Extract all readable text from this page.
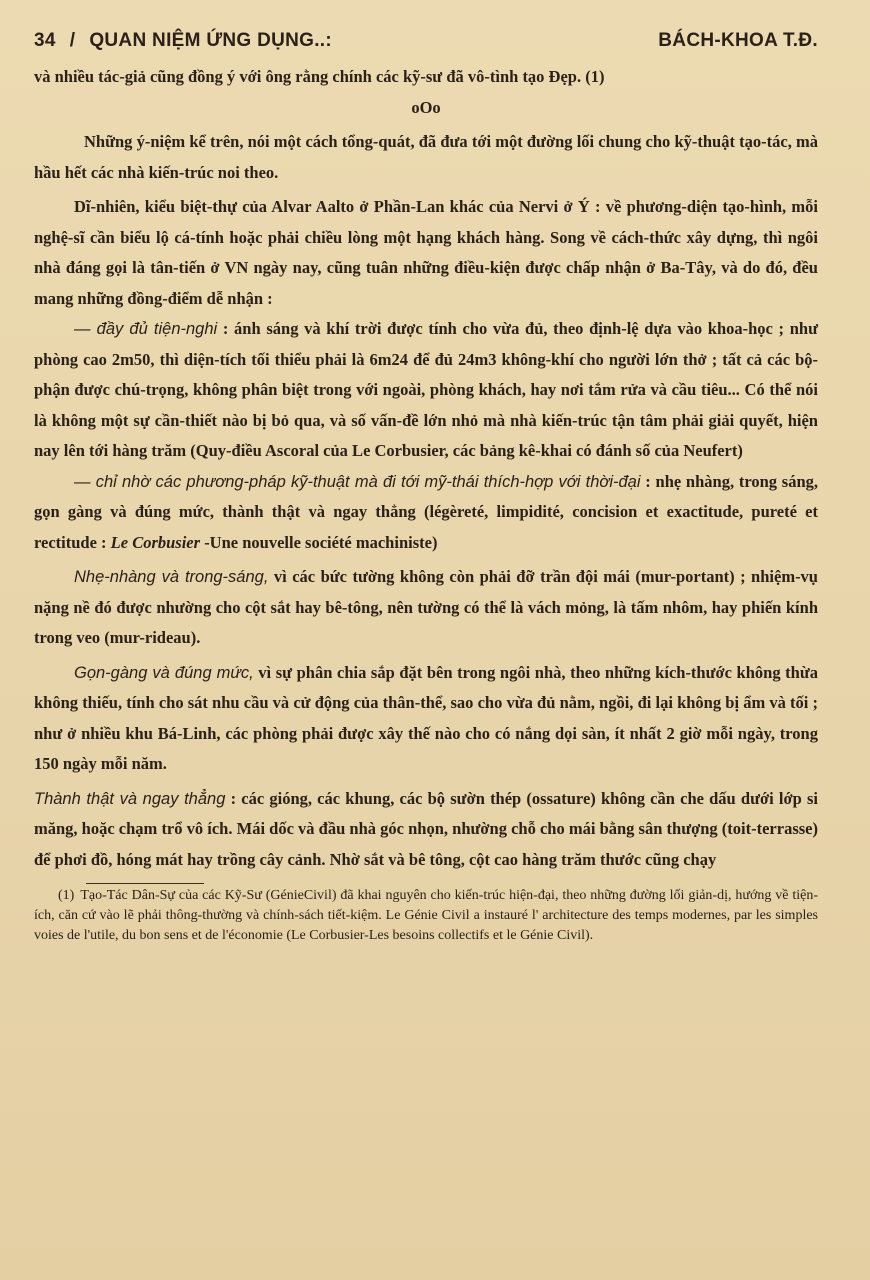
34 / QUAN NIỆM ỨNG DỤNG..:	BÁCH-KHOA T.Đ.

và nhiều tác-giả cũng đồng ý với ông rằng chính các kỹ-sư đã vô-tình tạo Đẹp. (1)

oOo

Những ý-niệm kể trên, nói một cách tổng-quát, đã đưa tới một đường lối chung cho kỹ-thuật tạo-tác, mà hầu hết các nhà kiến-trúc noi theo.

Dĩ-nhiên, kiểu biệt-thự của Alvar Aalto ở Phần-Lan khác của Nervi ở Ý : về phương-diện tạo-hình, mỗi nghệ-sĩ cần biểu lộ cá-tính hoặc phải chiều lòng một hạng khách hàng. Song về cách-thức xây dựng, thì ngôi nhà đáng gọi là tân-tiến ở VN ngày nay, cũng tuân những điều-kiện được chấp nhận ở Ba-Tây, và do đó, đều mang những đồng-điểm dễ nhận :

— đầy đủ tiện-nghi : ánh sáng và khí trời được tính cho vừa đủ, theo định-lệ dựa vào khoa-học ; như phòng cao 2m50, thì diện-tích tối thiểu phải là 6m24 để đủ 24m3 không-khí cho người lớn thở ; tất cả các bộ-phận được chú-trọng, không phân biệt trong với ngoài, phòng khách, hay nơi tắm rửa và cầu tiêu... Có thể nói là không một sự cần-thiết nào bị bỏ qua, và số vấn-đề lớn nhỏ mà nhà kiến-trúc tận tâm phải giải quyết, hiện nay lên tới hàng trăm (Quy-điều Ascoral của Le Corbusier, các bảng kê-khai có đánh số của Neufert)

— chỉ nhờ các phương-pháp kỹ-thuật mà đi tới mỹ-thái thích-hợp với thời-đại : nhẹ nhàng, trong sáng, gọn gàng và đúng mức, thành thật và ngay thẳng (légèreté, limpidité, concision et exactitude, pureté et rectitude : Le Corbusier -Une nouvelle société machiniste)

Nhẹ-nhàng và trong-sáng, vì các bức tường không còn phải đỡ trần đội mái (mur-portant) ; nhiệm-vụ nặng nề đó được nhường cho cột sắt hay bê-tông, nên tường có thể là vách mỏng, là tấm nhôm, hay phiến kính trong veo (mur-rideau).

Gọn-gàng và đúng mức, vì sự phân chia sắp đặt bên trong ngôi nhà, theo những kích-thước không thừa không thiếu, tính cho sát nhu cầu và cử động của thân-thể, sao cho vừa đủ nằm, ngồi, đi lại không bị ẩm và tối ; như ở nhiều khu Bá-Linh, các phòng phải được xây thế nào cho có nắng dọi sàn, ít nhất 2 giờ mỗi ngày, trong 150 ngày mỗi năm.

Thành thật và ngay thẳng : các gióng, các khung, các bộ sườn thép (ossature) không cần che dấu dưới lớp si măng, hoặc chạm trổ vô ích. Mái dốc và đầu nhà góc nhọn, nhường chỗ cho mái bằng sân thượng (toit-terrasse) để phơi đồ, hóng mát hay trồng cây cảnh. Nhờ sắt và bê tông, cột cao hàng trăm thước cũng chạy

(1) Tạo-Tác Dân-Sự của các Kỹ-Sư (GénieCivil) đã khai nguyên cho kiến-trúc hiện-đại, theo những đường lối giản-dị, hướng về tiện-ích, căn cứ vào lẽ phải thông-thường và chính-sách tiết-kiệm. Le Génie Civil a instauré l' architecture des temps modernes, par les simples voies de l'utile, du bon sens et de l'économie (Le Corbusier-Les besoins collectifs et le Génie Civil).
